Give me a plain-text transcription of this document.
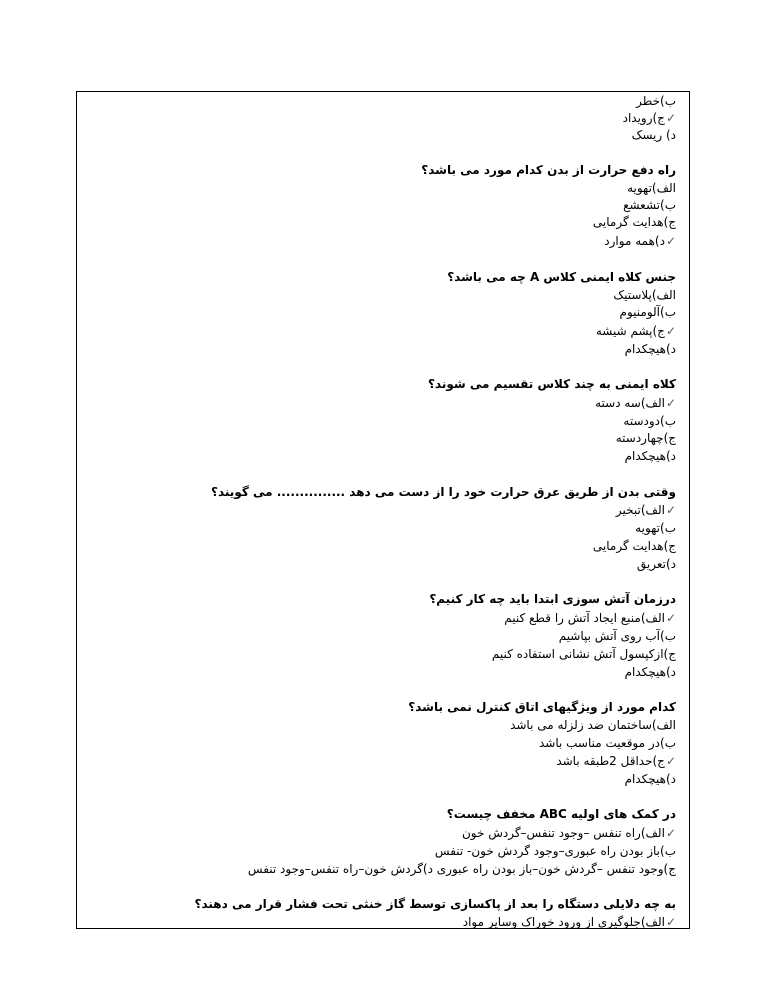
ب)خطر
✓ج)رویداد
د) ریسک
راه دفع حرارت از بدن کدام مورد می باشد؟
الف)تهویه
ب)تشعشع
ج)هدایت گرمایی
✓د)همه موارد
جنس کلاه ایمنی کلاس A چه می باشد؟
الف)پلاستیک
ب)آلومنیوم
✓ج)پشم شیشه
د)هیچکدام
کلاه ایمنی به چند کلاس تقسیم می شوند؟
✓الف)سه دسته
ب)دودسته
ج)چهاردسته
د)هیچکدام
وقتی بدن از طریق عرق حرارت خود را از دست می دهد ............... می گویند؟
✓الف)تبخیر
ب)تهویه
ج)هدایت گرمایی
د)تعریق
درزمان آتش سوزی ابتدا باید چه کار کنیم؟
✓الف)منبع ایجاد آتش را قطع کنیم
ب)آب روی آتش بپاشیم
ج)ازکپسول آتش نشانی استفاده کنیم
د)هیچکدام
کدام مورد از ویژگیهای اتاق کنترل نمی باشد؟
الف)ساختمان ضد زلزله می باشد
ب)در موقعیت مناسب باشد
✓ج)حداقل 2طبقه باشد
د)هیچکدام
در کمک های اولیه ABC مخفف چیست؟
✓الف)راه تنفس –وجود تنفس–گردش خون
ب)باز بودن راه عبوری–وجود گردش خون- تنفس
ج)وجود تنفس –گردش خون–باز بودن راه عبوری د)گردش خون–راه تنفس–وجود تنفس
به چه دلایلی دستگاه را بعد از پاکسازی توسط گاز خنثی تحت فشار قرار می دهند؟
✓الف)جلوگیری از ورود خوراک وسایر مواد
